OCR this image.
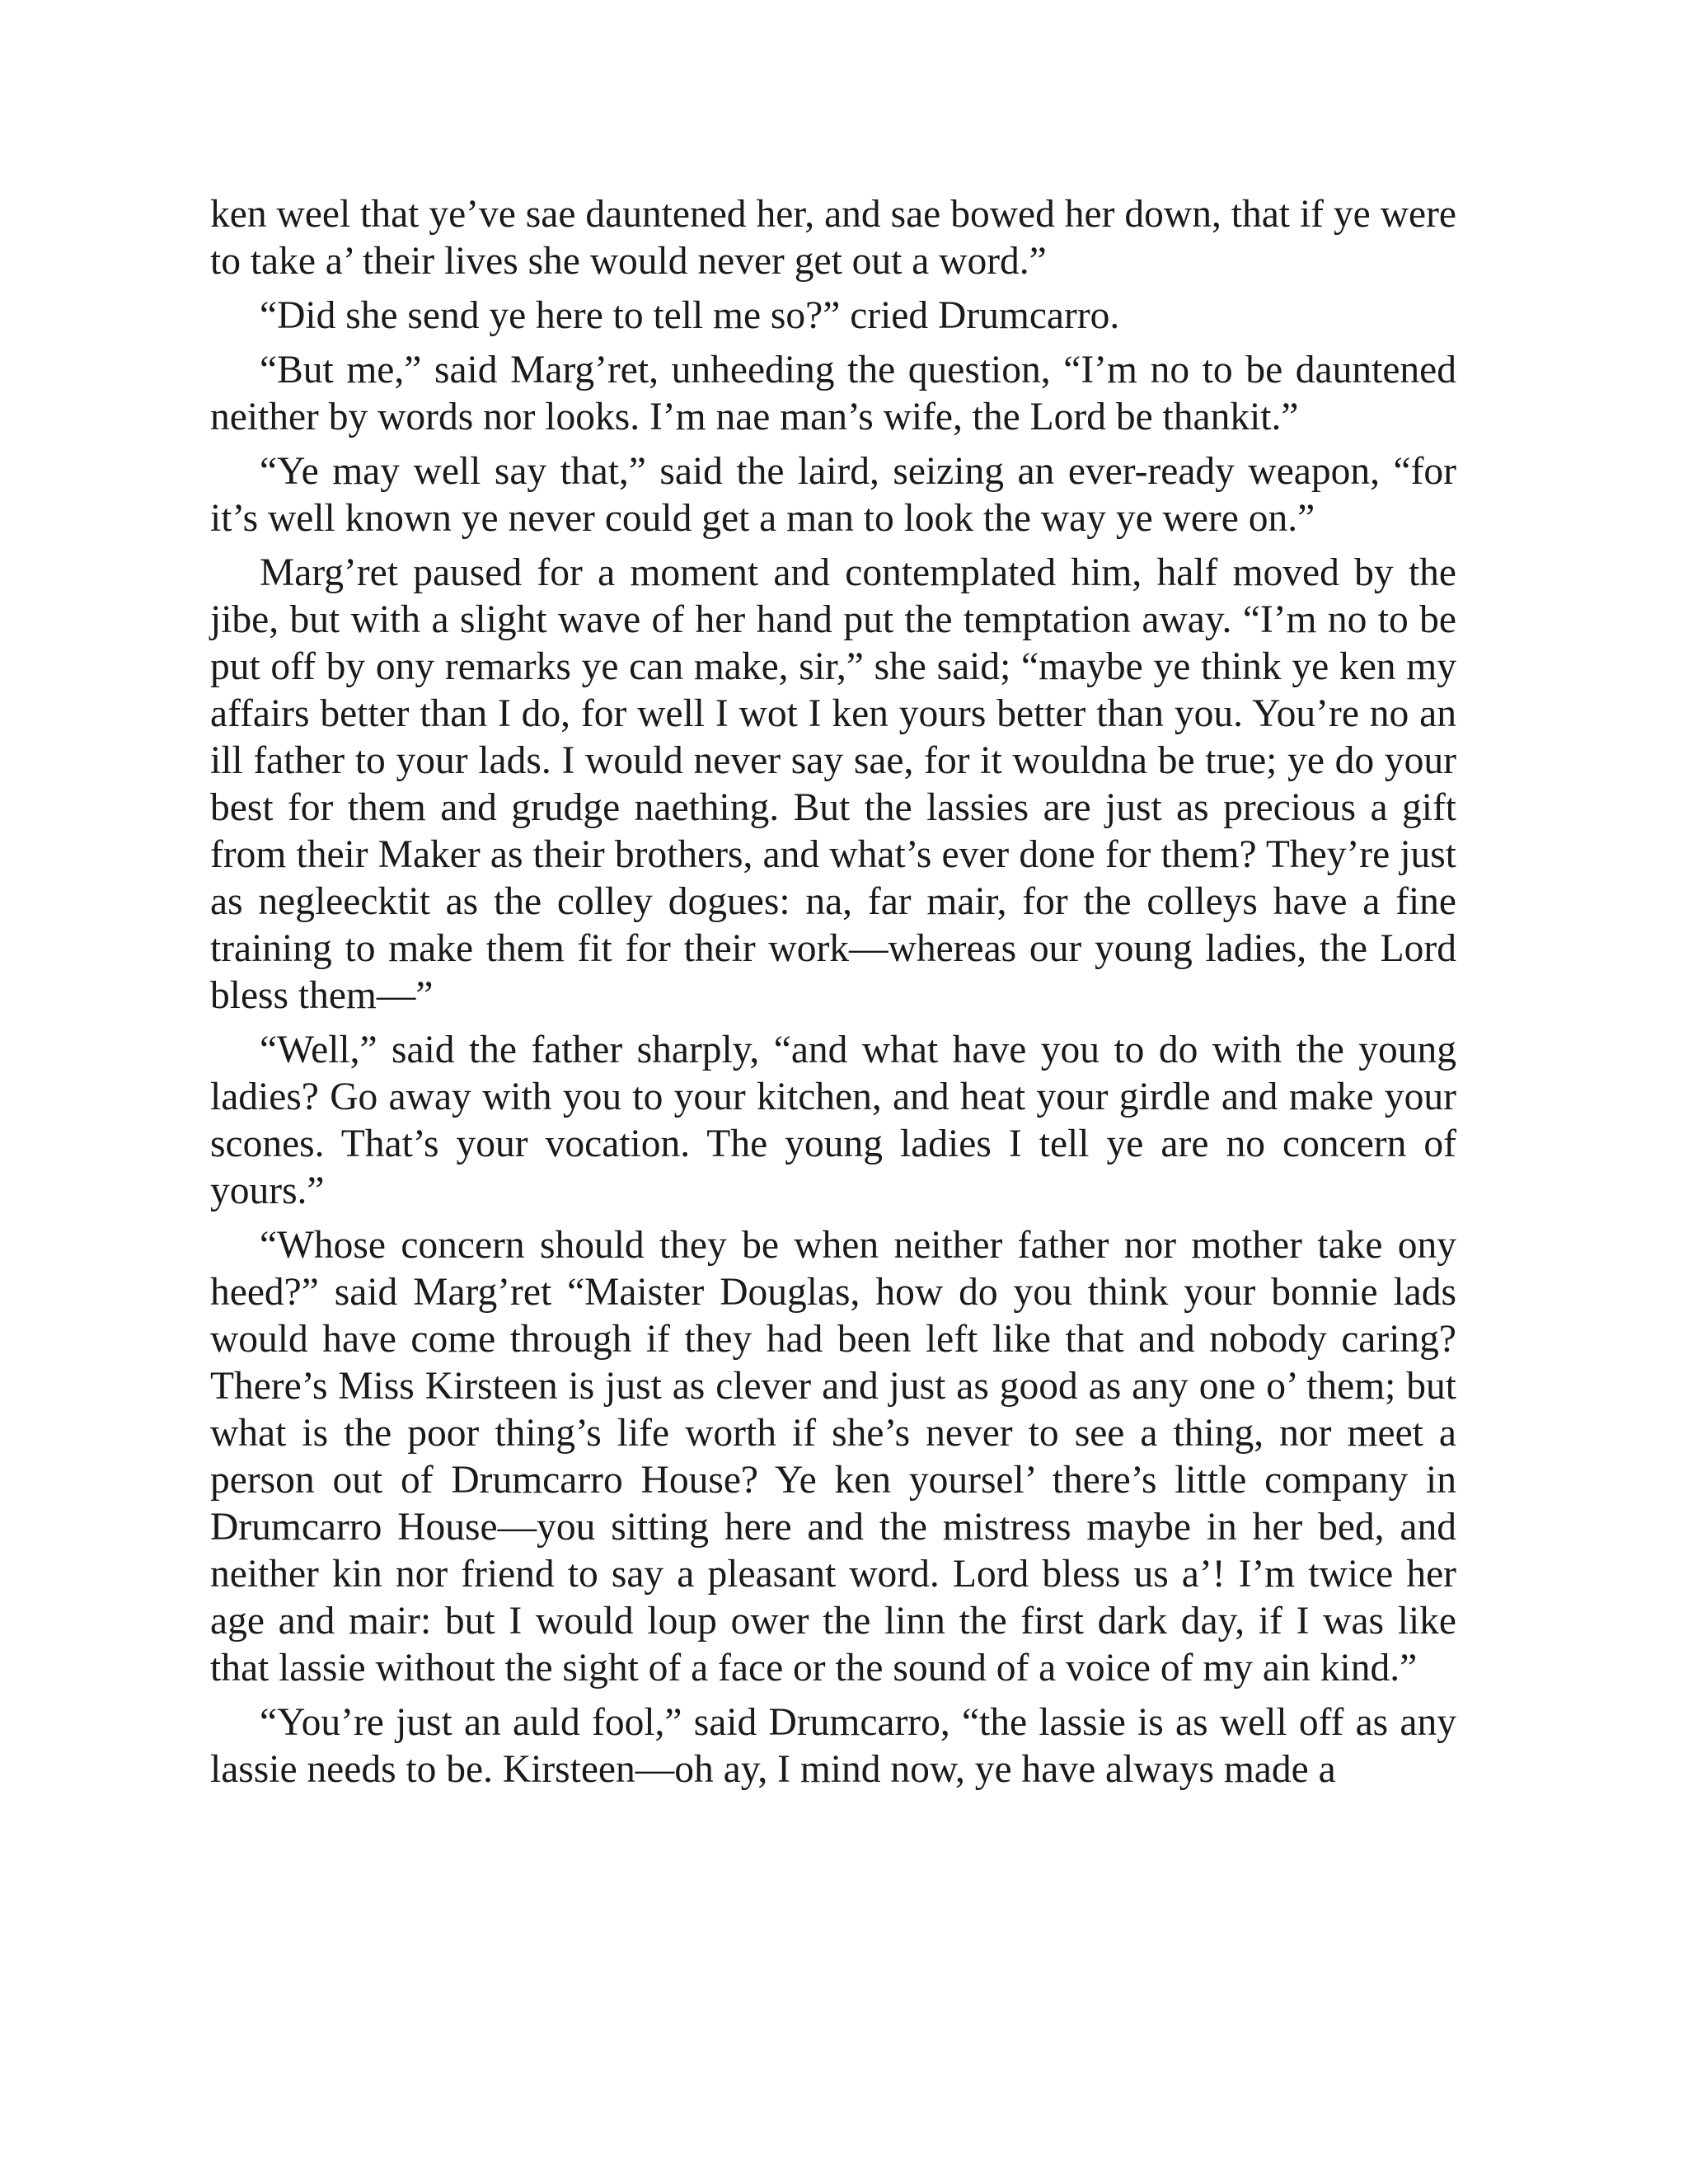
ken weel that ye’ve sae dauntened her, and sae bowed her down, that if ye were to take a’ their lives she would never get out a word.”

“Did she send ye here to tell me so?” cried Drumcarro.

“But me,” said Marg’ret, unheeding the question, “I’m no to be dauntened neither by words nor looks. I’m nae man’s wife, the Lord be thankit.”

“Ye may well say that,” said the laird, seizing an ever-ready weapon, “for it’s well known ye never could get a man to look the way ye were on.”

Marg’ret paused for a moment and contemplated him, half moved by the jibe, but with a slight wave of her hand put the temptation away. “I’m no to be put off by ony remarks ye can make, sir,” she said; “maybe ye think ye ken my affairs better than I do, for well I wot I ken yours better than you. You’re no an ill father to your lads. I would never say sae, for it wouldna be true; ye do your best for them and grudge naething. But the lassies are just as precious a gift from their Maker as their brothers, and what’s ever done for them? They’re just as negleecktit as the colley dogues: na, far mair, for the colleys have a fine training to make them fit for their work—whereas our young ladies, the Lord bless them—”

“Well,” said the father sharply, “and what have you to do with the young ladies? Go away with you to your kitchen, and heat your girdle and make your scones. That’s your vocation. The young ladies I tell ye are no concern of yours.”

“Whose concern should they be when neither father nor mother take ony heed?” said Marg’ret “Maister Douglas, how do you think your bonnie lads would have come through if they had been left like that and nobody caring? There’s Miss Kirsteen is just as clever and just as good as any one o’ them; but what is the poor thing’s life worth if she’s never to see a thing, nor meet a person out of Drumcarro House? Ye ken yoursel’ there’s little company in Drumcarro House—you sitting here and the mistress maybe in her bed, and neither kin nor friend to say a pleasant word. Lord bless us a’! I’m twice her age and mair: but I would loup ower the linn the first dark day, if I was like that lassie without the sight of a face or the sound of a voice of my ain kind.”

“You’re just an auld fool,” said Drumcarro, “the lassie is as well off as any lassie needs to be. Kirsteen—oh ay, I mind now, ye have always made a
